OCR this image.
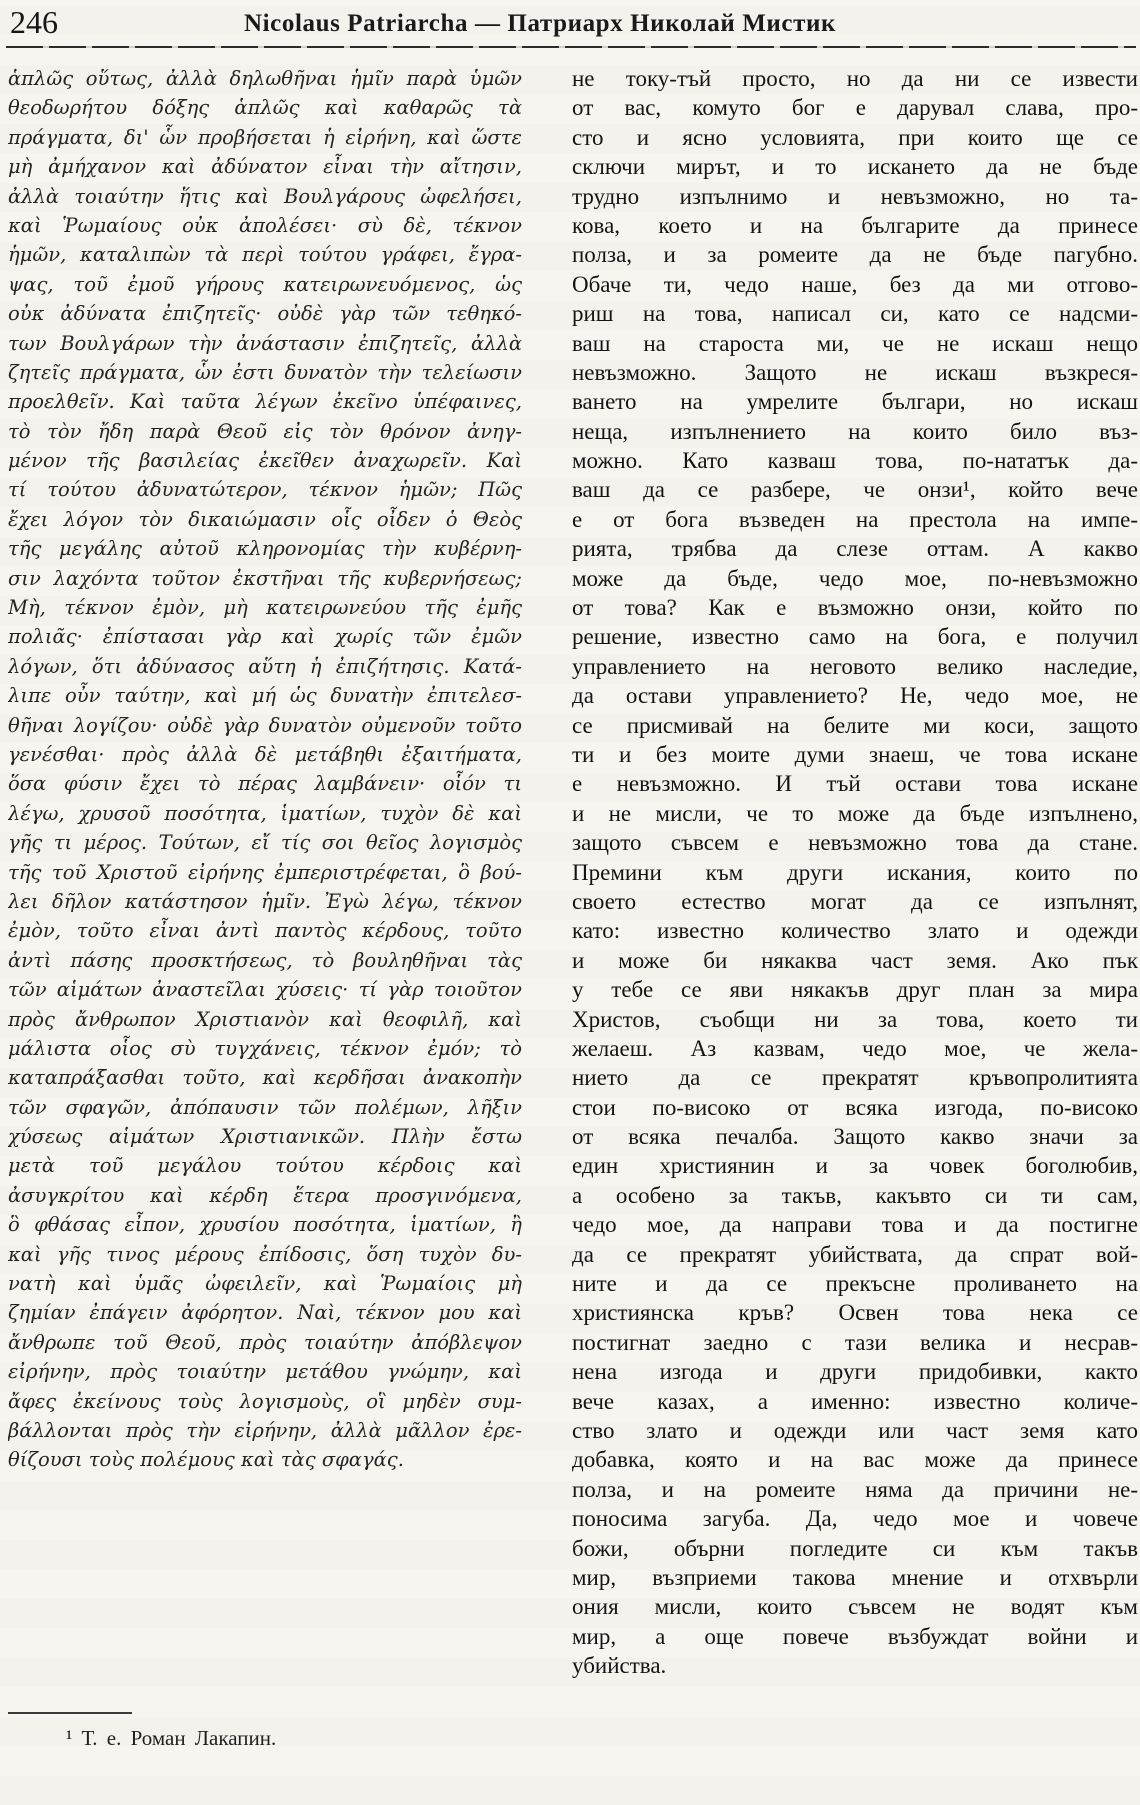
246	Nicolaus Patriarcha — Патриарх Николай Мистик
ἁπλῶς οὕτως, ἀλλὰ δηλωθῆναι ἡμῖν παρὰ ὑμῶν
θεοδωρήτου δόξης ἁπλῶς καὶ καθαρῶς τὰ
πράγματα, δι' ὧν προβήσεται ἡ εἰρήνη, καὶ ὥστε
μὴ ἀμήχανον καὶ ἀδύνατον εἶναι τὴν αἴτησιν,
ἀλλὰ τοιαύτην ἥτις καὶ Βουλγάρους ὠφελήσει,
καὶ Ῥωμαίους οὐκ ἀπολέσει· σὺ δὲ, τέκνον
ἡμῶν, καταλιπὼν τὰ περὶ τούτου γράφει, ἔγρα-
ψας, τοῦ ἐμοῦ γήρους κατειρωνευόμενος, ὡς
οὐκ ἀδύνατα ἐπιζητεῖς· οὐδὲ γὰρ τῶν τεθηκό-
των Βουλγάρων τὴν ἀνάστασιν ἐπιζητεῖς, ἀλλὰ
ζητεῖς πράγματα, ὧν ἐστι δυνατὸν τὴν τελείωσιν
προελθεῖν. Καὶ ταῦτα λέγων ἐκεῖνο ὑπέφαινες,
τὸ τὸν ἤδη παρὰ Θεοῦ εἰς τὸν θρόνον ἀνηγ-
μένον τῆς βασιλείας ἐκεῖθεν ἀναχωρεῖν. Καὶ
τί τούτου ἀδυνατώτερον, τέκνον ἡμῶν; Πῶς
ἔχει λόγον τὸν δικαιώμασιν οἷς οἶδεν ὁ Θεὸς
τῆς μεγάλης αὐτοῦ κληρονομίας τὴν κυβέρνη-
σιν λαχόντα τοῦτον ἐκστῆναι τῆς κυβερνήσεως;
Μὴ, τέκνον ἐμὸν, μὴ κατειρωνεύου τῆς ἐμῆς
πολιᾶς· ἐπίστασαι γὰρ καὶ χωρίς τῶν ἐμῶν
λόγων, ὅτι ἀδύνασος αὕτη ἡ ἐπιζήτησις. Κατά-
λιπε οὖν ταύτην, καὶ μή ὡς δυνατὴν ἐπιτελεσ-
θῆναι λογίζου· οὐδὲ γὰρ δυνατὸν οὐμενοῦν τοῦτο
γενέσθαι· πρὸς ἀλλὰ δὲ μετάβηθι ἐξαιτήματα,
ὅσα φύσιν ἔχει τὸ πέρας λαμβάνειν· οἷόν τι
λέγω, χρυσοῦ ποσότητα, ἱματίων, τυχὸν δὲ καὶ
γῆς τι μέρος. Τούτων, εἴ τίς σοι θεῖος λογισμὸς
τῆς τοῦ Χριστοῦ εἰρήνης ἐμπεριστρέφεται, ὃ βού-
λει δῆλον κατάστησον ἡμῖν. Ἐγὼ λέγω, τέκνον
ἐμὸν, τοῦτο εἶναι ἀντὶ παντὸς κέρδους, τοῦτο
ἀντὶ πάσης προσκτήσεως, τὸ βουληθῆναι τὰς
τῶν αἱμάτων ἀναστεῖλαι χύσεις· τί γὰρ τοιοῦτον
πρὸς ἄνθρωπον Χριστιανὸν καὶ θεοφιλῆ, καὶ
μάλιστα οἷος σὺ τυγχάνεις, τέκνον ἐμόν; τὸ
καταπράξασθαι τοῦτο, καὶ κερδῆσαι ἀνακοπὴν
τῶν σφαγῶν, ἀπόπαυσιν τῶν πολέμων, λῆξιν
χύσεως αἱμάτων Χριστιανικῶν. Πλὴν ἔστω
μετὰ τοῦ μεγάλου τούτου κέρδοις καὶ
ἀσυγκρίτου καὶ κέρδη ἕτερα προσγινόμενα,
ὃ φθάσας εἶπον, χρυσίου ποσότητα, ἱματίων, ἢ
καὶ γῆς τινος μέρους ἐπίδοσις, ὅση τυχὸν δυ-
νατὴ καὶ ὑμᾶς ὠφειλεῖν, καὶ Ῥωμαίοις μὴ
ζημίαν ἐπάγειν ἀφόρητον. Ναὶ, τέκνον μου καὶ
ἄνθρωπε τοῦ Θεοῦ, πρὸς τοιαύτην ἀπόβλεψον
εἰρήνην, πρὸς τοιαύτην μετάθου γνώμην, καὶ
ἄφες ἐκείνους τοὺς λογισμοὺς, οἳ μηδὲν συμ-
βάλλονται πρὸς τὴν εἰρήνην, ἀλλὰ μᾶλλον ἐρε-
θίζουσι τοὺς πολέμους καὶ τὰς σφαγάς.
не току-тъй просто, но да ни се извести
от вас, комуто бог е дарувал слава, про-
сто и ясно условията, при които ще се
сключи мирът, и то искането да не бъде
трудно изпълнимо и невъзможно, но та-
кова, което и на българите да принесе
полза, и за ромеите да не бъде пагубно.
Обаче ти, чедо наше, без да ми отгово-
риш на това, написал си, като се надсми-
ваш на староста ми, че не искаш нещо
невъзможно. Защото не искаш възкреся-
ването на умрелите българи, но искаш
неща, изпълнението на които било въз-
можно. Като казваш това, по-нататък да-
ваш да се разбере, че онзи¹, който вече
е от бога възведен на престола на импе-
рията, трябва да слезе оттам. А какво
може да бъде, чедо мое, по-невъзможно
от това? Как е възможно онзи, който по
решение, известно само на бога, е получил
управлението на неговото велико наследие,
да остави управлението? Не, чедо мое, не
се присмивай на белите ми коси, защото
ти и без моите думи знаеш, че това искане
е невъзможно. И тъй остави това искане
и не мисли, че то може да бъде изпълнено,
защото съвсем е невъзможно това да стане.
Премини към други искания, които по
своето естество могат да се изпълнят,
като: известно количество злато и одежди
и може би някаква част земя. Ако пък
у тебе се яви някакъв друг план за мира
Христов, съобщи ни за това, което ти
желаеш. Аз казвам, чедо мое, че жела-
нието да се прекратят кръвопролитията
стои по-високо от всяка изгода, по-високо
от всяка печалба. Защото какво значи за
един християнин и за човек боголюбив,
а особено за такъв, какъвто си ти сам,
чедо мое, да направи това и да постигне
да се прекратят убийствата, да спрат вой-
ните и да се прекъсне проливането на
християнска кръв? Освен това нека се
постигнат заедно с тази велика и несрав-
нена изгода и други придобивки, както
вече казах, а именно: известно количе-
ство злато и одежди или част земя като
добавка, която и на вас може да принесе
полза, и на ромеите няма да причини не-
поносима загуба. Да, чедо мое и човече
божи, обърни погледите си към такъв
мир, възприеми такова мнение и отхвърли
ония мисли, които съвсем не водят към
мир, а още повече възбуждат войни и
убийства.
¹ Т. е. Роман Лакапин.
